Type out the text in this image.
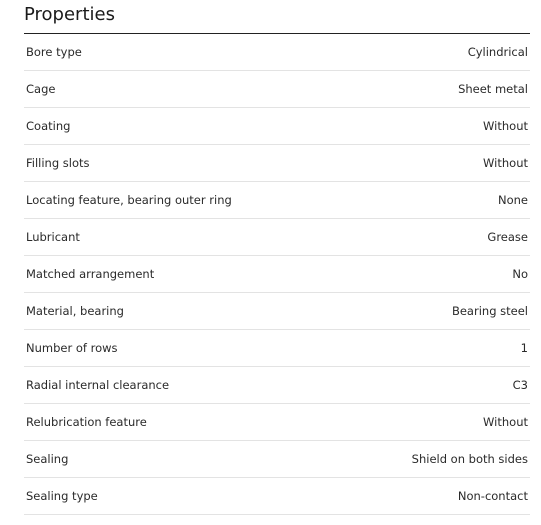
Properties
Bore type	Cylindrical
Cage	Sheet metal
Coating	Without
Filling slots	Without
Locating feature, bearing outer ring	None
Lubricant	Grease
Matched arrangement	No
Material, bearing	Bearing steel
Number of rows	1
Radial internal clearance	C3
Relubrication feature	Without
Sealing	Shield on both sides
Sealing type	Non-contact
